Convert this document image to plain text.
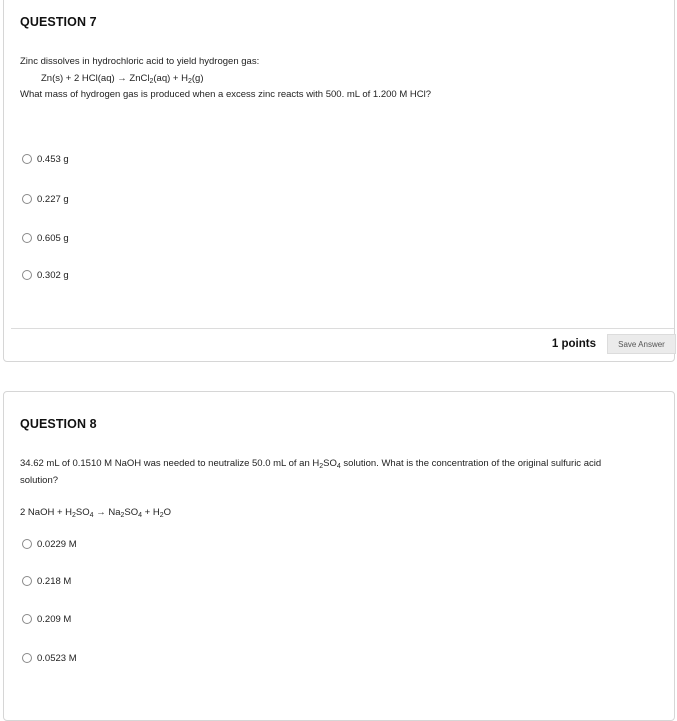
QUESTION 7
Zinc dissolves in hydrochloric acid to yield hydrogen gas:
Zn(s) + 2 HCl(aq) → ZnCl$_2$(aq) + $H_2(g)$
What mass of hydrogen gas is produced when a excess zinc reacts with 500. mL of 1.200 M HCl?
0.453 g
0.227 g
0.605 g
0.302 g
1 points	Save Answer
QUESTION 8
34.62 mL of 0.1510 M NaOH was needed to neutralize 50.0 mL of an $H_2SO_4$ solution. What is the concentration of the original sulfuric acid
solution?
2 NaOH + $H_2SO_4 \to Na_2SO_4 + H_2O$
0.0229 M
0.218 M
0.209 M
0.0523 M
